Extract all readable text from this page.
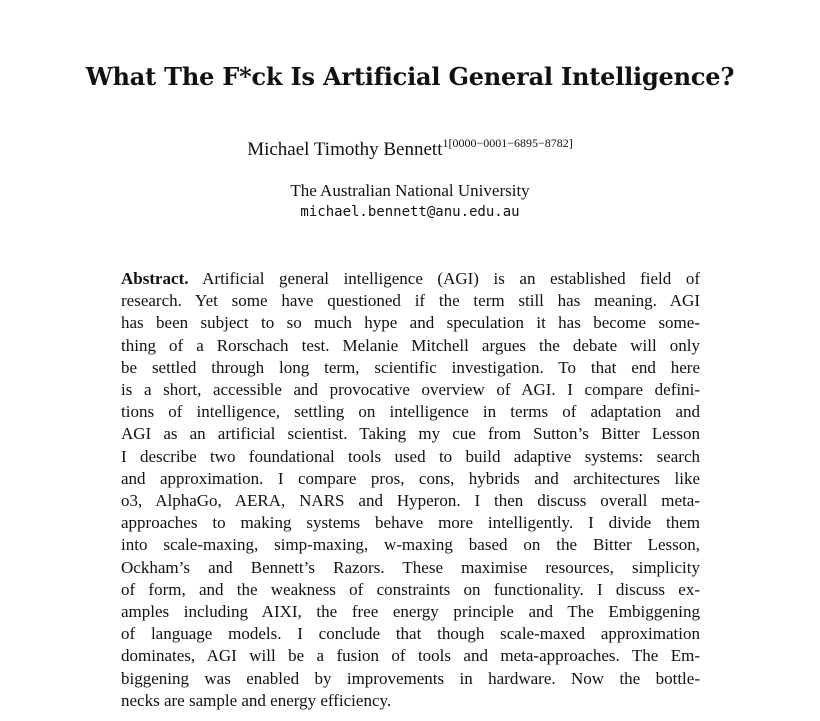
What The F*ck Is Artificial General Intelligence?
Michael Timothy Bennett$^{1[0000-0001-6895-8782]}$
The Australian National University
michael.bennett@anu.edu.au
Abstract. Artificial general intelligence (AGI) is an established field of
research. Yet some have questioned if the term still has meaning. AGI
has been subject to so much hype and speculation it has become some-
thing of a Rorschach test. Melanie Mitchell argues the debate will only
be settled through long term, scientific investigation. To that end here
is a short, accessible and provocative overview of AGI. I compare defini-
tions of intelligence, settling on intelligence in terms of adaptation and
AGI as an artificial scientist. Taking my cue from Sutton’s Bitter Lesson
I describe two foundational tools used to build adaptive systems: search
and approximation. I compare pros, cons, hybrids and architectures like
o3, AlphaGo, AERA, NARS and Hyperon. I then discuss overall meta-
approaches to making systems behave more intelligently. I divide them
into scale-maxing, simp-maxing, w-maxing based on the Bitter Lesson,
Ockham’s and Bennett’s Razors. These maximise resources, simplicity
of form, and the weakness of constraints on functionality. I discuss ex-
amples including AIXI, the free energy principle and The Embiggening
of language models. I conclude that though scale-maxed approximation
dominates, AGI will be a fusion of tools and meta-approaches. The Em-
biggening was enabled by improvements in hardware. Now the bottle-
necks are sample and energy efficiency.
